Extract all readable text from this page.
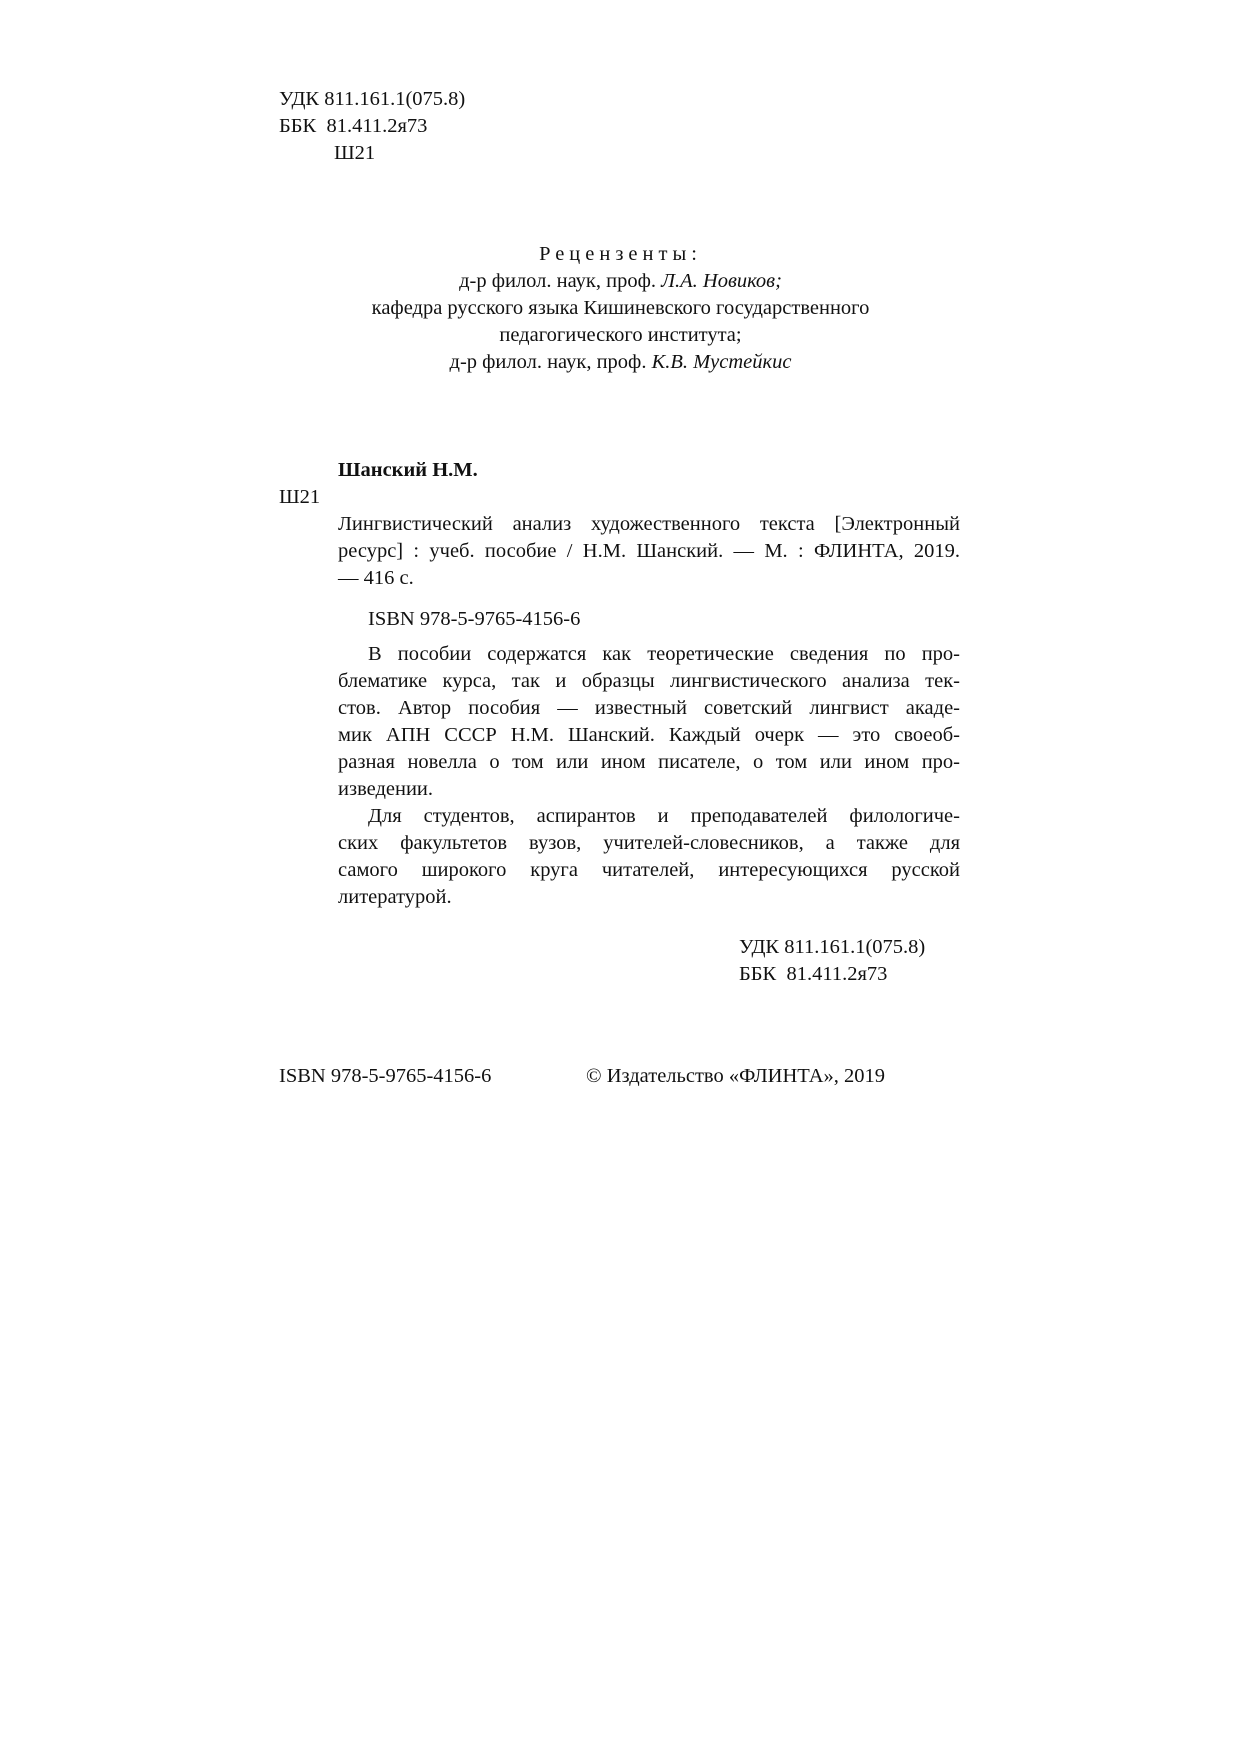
УДК 811.161.1(075.8)
ББК  81.411.2я73
Ш21
Рецензенты:
д-р филол. наук, проф. Л.А. Новиков;
кафедра русского языка Кишиневского государственного
педагогического института;
д-р филол. наук, проф. К.В. Мустейкис
Шанский Н.М.
Ш21
Лингвистический анализ художественного текста [Электронный
ресурс] : учеб. пособие / Н.М. Шанский. — М. : ФЛИНТА, 2019.
— 416 с.
ISBN 978-5-9765-4156-6
В пособии содержатся как теоретические сведения по про-
блематике курса, так и образцы лингвистического анализа тек-
стов. Автор пособия — известный советский лингвист акаде-
мик АПН СССР Н.М. Шанский. Каждый очерк — это своеоб-
разная новелла о том или ином писателе, о том или ином про-
изведении.
Для студентов, аспирантов и преподавателей филологиче-
ских факультетов вузов, учителей-словесников, а также для
самого широкого круга читателей, интересующихся русской
литературой.
УДК 811.161.1(075.8)
ББК  81.411.2я73
ISBN 978-5-9765-4156-6	© Издательство «ФЛИНТА», 2019
